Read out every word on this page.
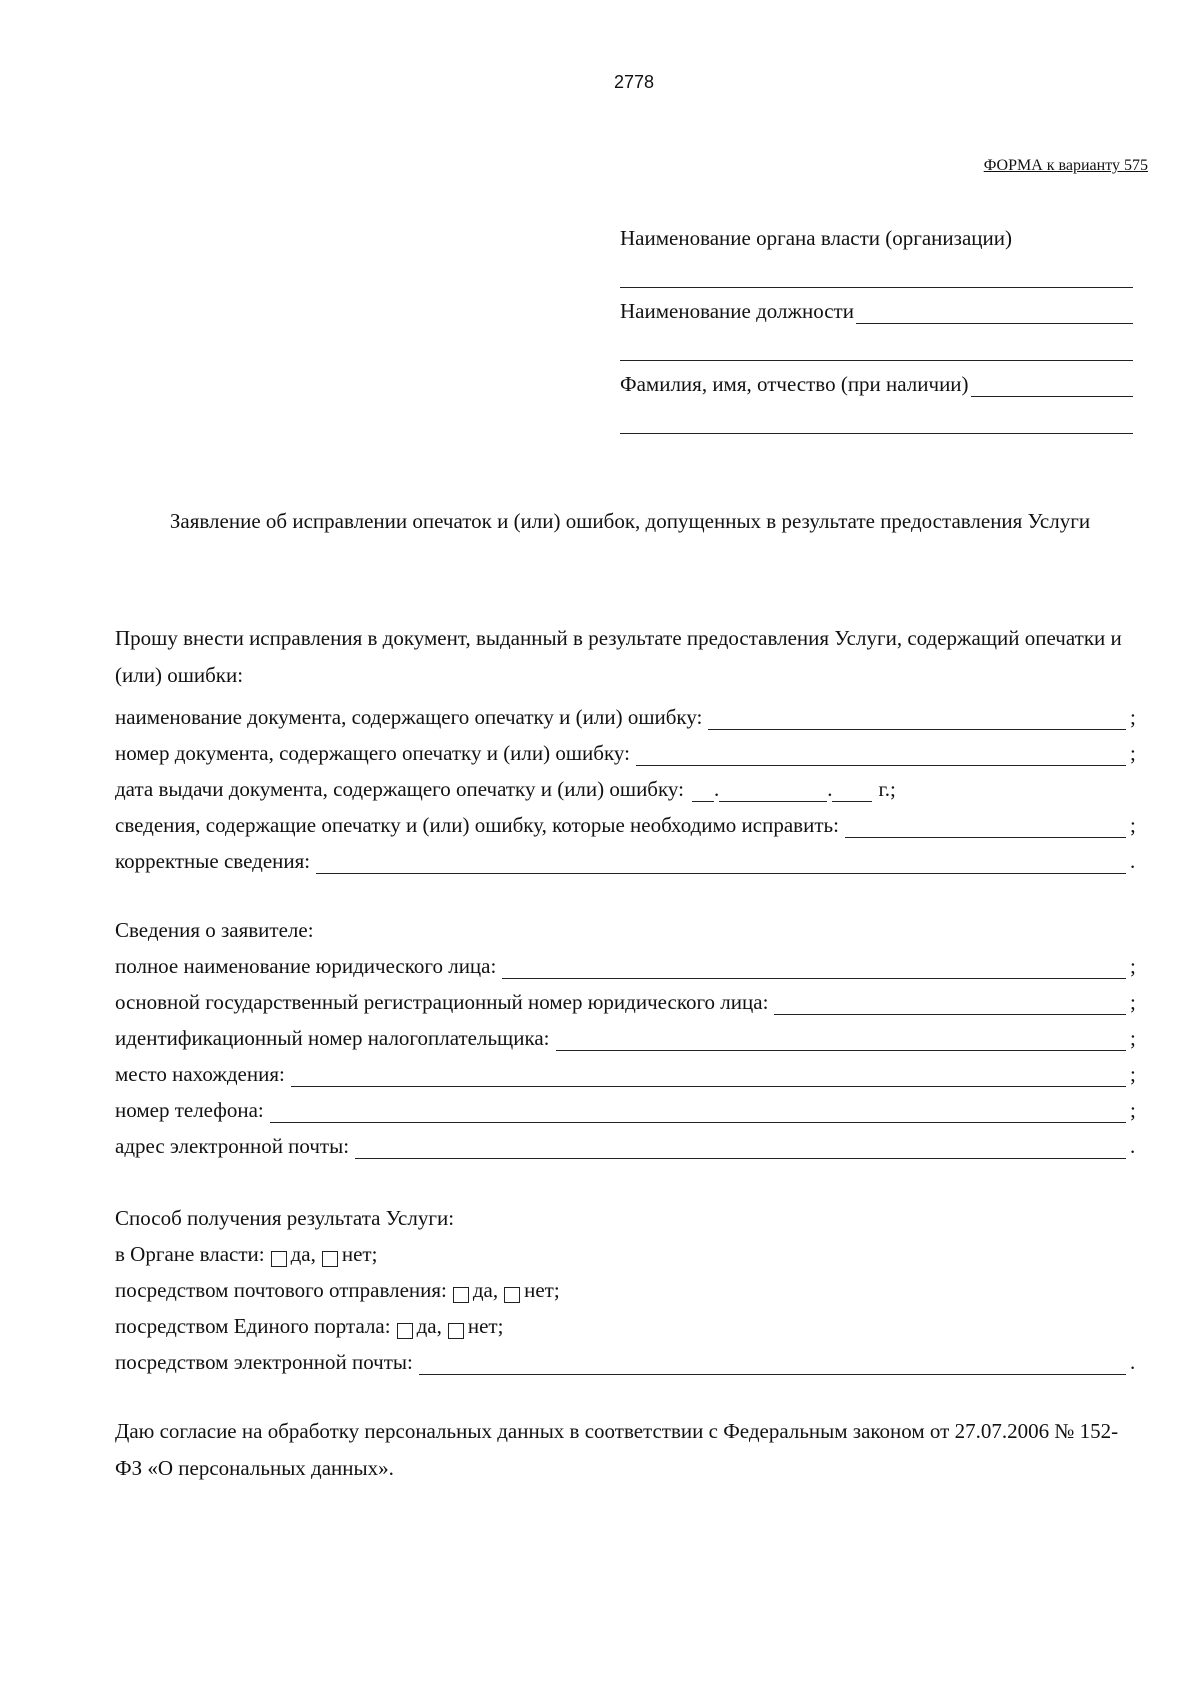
2778
ФОРМА к варианту 575
Наименование органа власти (организации)
Наименование должности
Фамилия, имя, отчество (при наличии)
Заявление об исправлении опечаток и (или) ошибок, допущенных в результате предоставления Услуги
Прошу внести исправления в документ, выданный в результате предоставления Услуги, содержащий опечатки и (или) ошибки:
наименование документа, содержащего опечатку и (или) ошибку:	;
номер документа, содержащего опечатку и (или) ошибку:	;
дата выдачи документа, содержащего опечатку и (или) ошибку:	.	.	г.;
сведения, содержащие опечатку и (или) ошибку, которые необходимо исправить:	;
корректные сведения:	.
Сведения о заявителе:
полное наименование юридического лица:	;
основной государственный регистрационный номер юридического лица:	;
идентификационный номер налогоплательщика:	;
место нахождения:	;
номер телефона:	;
адрес электронной почты:	.
Способ получения результата Услуги:
в Органе власти: да, нет;
посредством почтового отправления: да, нет;
посредством Единого портала: да, нет;
посредством электронной почты:	.
Даю согласие на обработку персональных данных в соответствии с Федеральным законом от 27.07.2006 № 152-ФЗ «О персональных данных».
